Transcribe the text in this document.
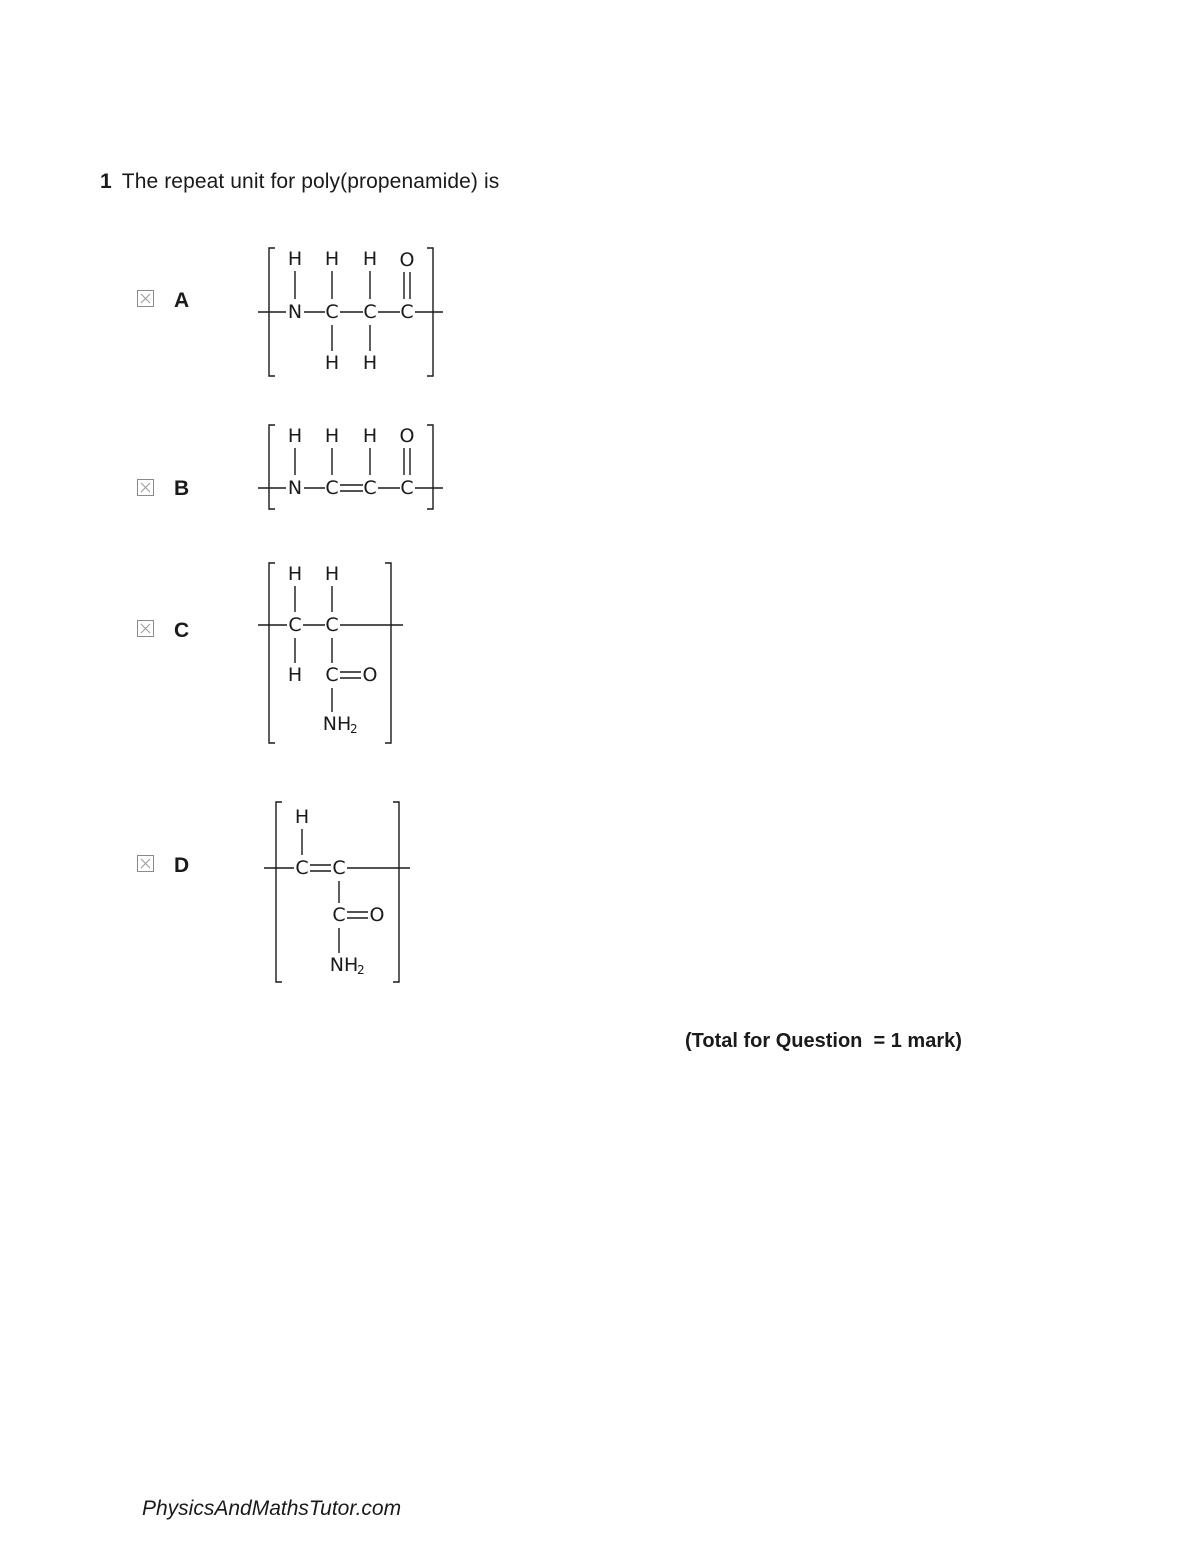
1 The repeat unit for poly(propenamide) is
A
H H H O
N C C C
H H
B
H H H O
N C C C
C
H H
C C
H C O
NH
2
D
H
C C
C O
NH
2
(Total for Question  = 1 mark)
PhysicsAndMathsTutor.com
